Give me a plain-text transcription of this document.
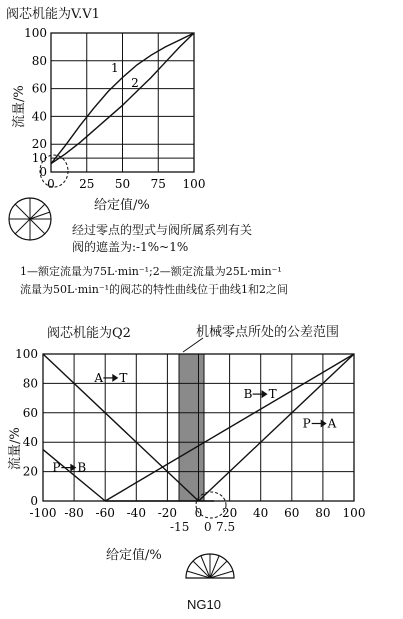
阀芯机能为V.V1
0 25 50 75 100
0
10
20
40
60
80
100
1
2
-100 -80 -60 -40 -20 0 20 40 60 80 100
0
20
40
60
80
100
A T
B T
P A
P B
流量/%
给定值/%
经过零点的型式与阀所属系列有关
阀的遮盖为:-1%~1%
1—额定流量为75L·min⁻¹;2—额定流量为25L·min⁻¹
流量为50L·min⁻¹的阀芯的特性曲线位于曲线1和2之间
阀芯机能为Q2	机械零点所处的公差范围
流量/%
给定值/%
-15 0 7.5
NG10
